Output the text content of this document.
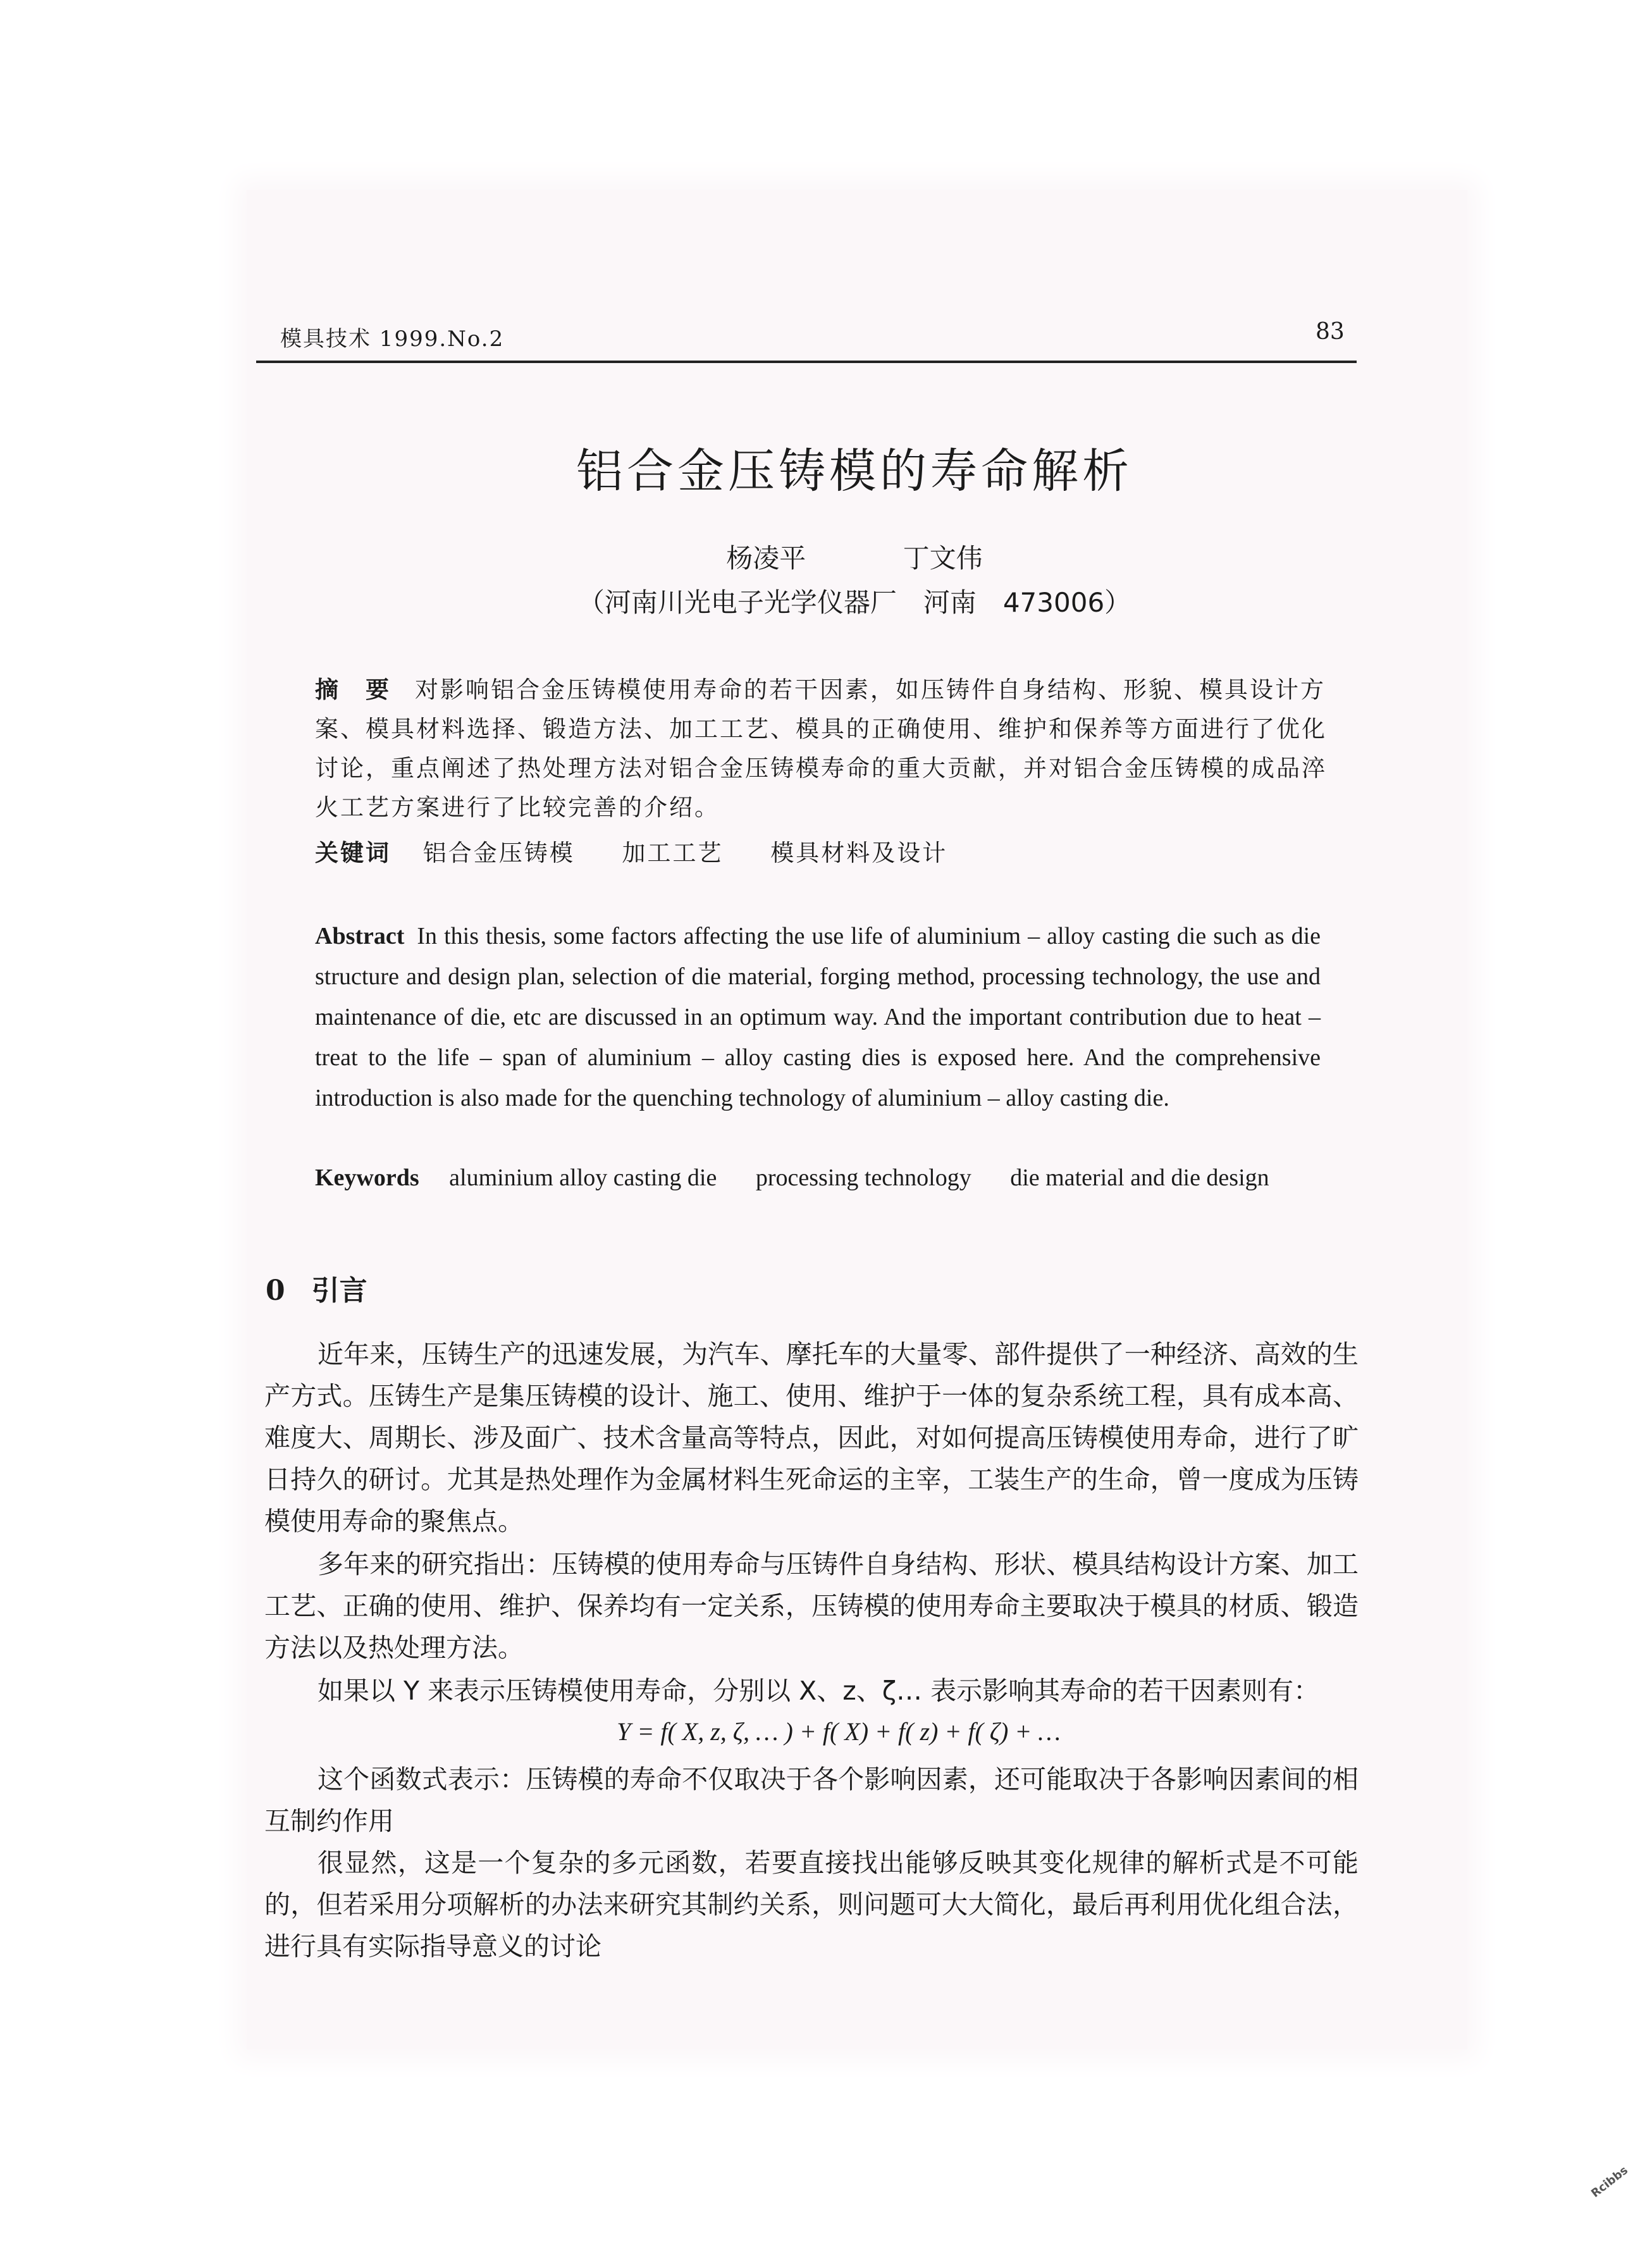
模具技术 1999.No.2	83
铝合金压铸模的寿命解析
杨凌平	丁文伟
（河南川光电子光学仪器厂　河南　473006）
摘　要 对影响铝合金压铸模使用寿命的若干因素，如压铸件自身结构、形貌、模具设计方案、模具材料选择、锻造方法、加工工艺、模具的正确使用、维护和保养等方面进行了优化讨论，重点阐述了热处理方法对铝合金压铸模寿命的重大贡献，并对铝合金压铸模的成品淬火工艺方案进行了比较完善的介绍。
关键词 铝合金压铸模 加工工艺 模具材料及设计
Abstract In this thesis, some factors affecting the use life of aluminium – alloy casting die such as die structure and design plan, selection of die material, forging method, processing technology, the use and maintenance of die, etc are discussed in an optimum way. And the important contribution due to heat – treat to the life – span of aluminium – alloy casting dies is exposed here. And the comprehensive introduction is also made for the quenching technology of aluminium – alloy casting die.
Keywords aluminium alloy casting die processing technology die material and die design
0 引言
近年来，压铸生产的迅速发展，为汽车、摩托车的大量零、部件提供了一种经济、高效的生产方式。压铸生产是集压铸模的设计、施工、使用、维护于一体的复杂系统工程，具有成本高、难度大、周期长、涉及面广、技术含量高等特点，因此，对如何提高压铸模使用寿命，进行了旷日持久的研讨。尤其是热处理作为金属材料生死命运的主宰，工装生产的生命，曾一度成为压铸模使用寿命的聚焦点。
多年来的研究指出：压铸模的使用寿命与压铸件自身结构、形状、模具结构设计方案、加工工艺、正确的使用、维护、保养均有一定关系，压铸模的使用寿命主要取决于模具的材质、锻造方法以及热处理方法。
如果以 Y 来表示压铸模使用寿命，分别以 X、z、ζ… 表示影响其寿命的若干因素则有：
Y = f( X, z, ζ, … ) + f( X) + f( z) + f( ζ) + …
这个函数式表示：压铸模的寿命不仅取决于各个影响因素，还可能取决于各影响因素间的相互制约作用
很显然，这是一个复杂的多元函数，若要直接找出能够反映其变化规律的解析式是不可能的，但若采用分项解析的办法来研究其制约关系，则问题可大大简化，最后再利用优化组合法，进行具有实际指导意义的讨论
Rcibbs
